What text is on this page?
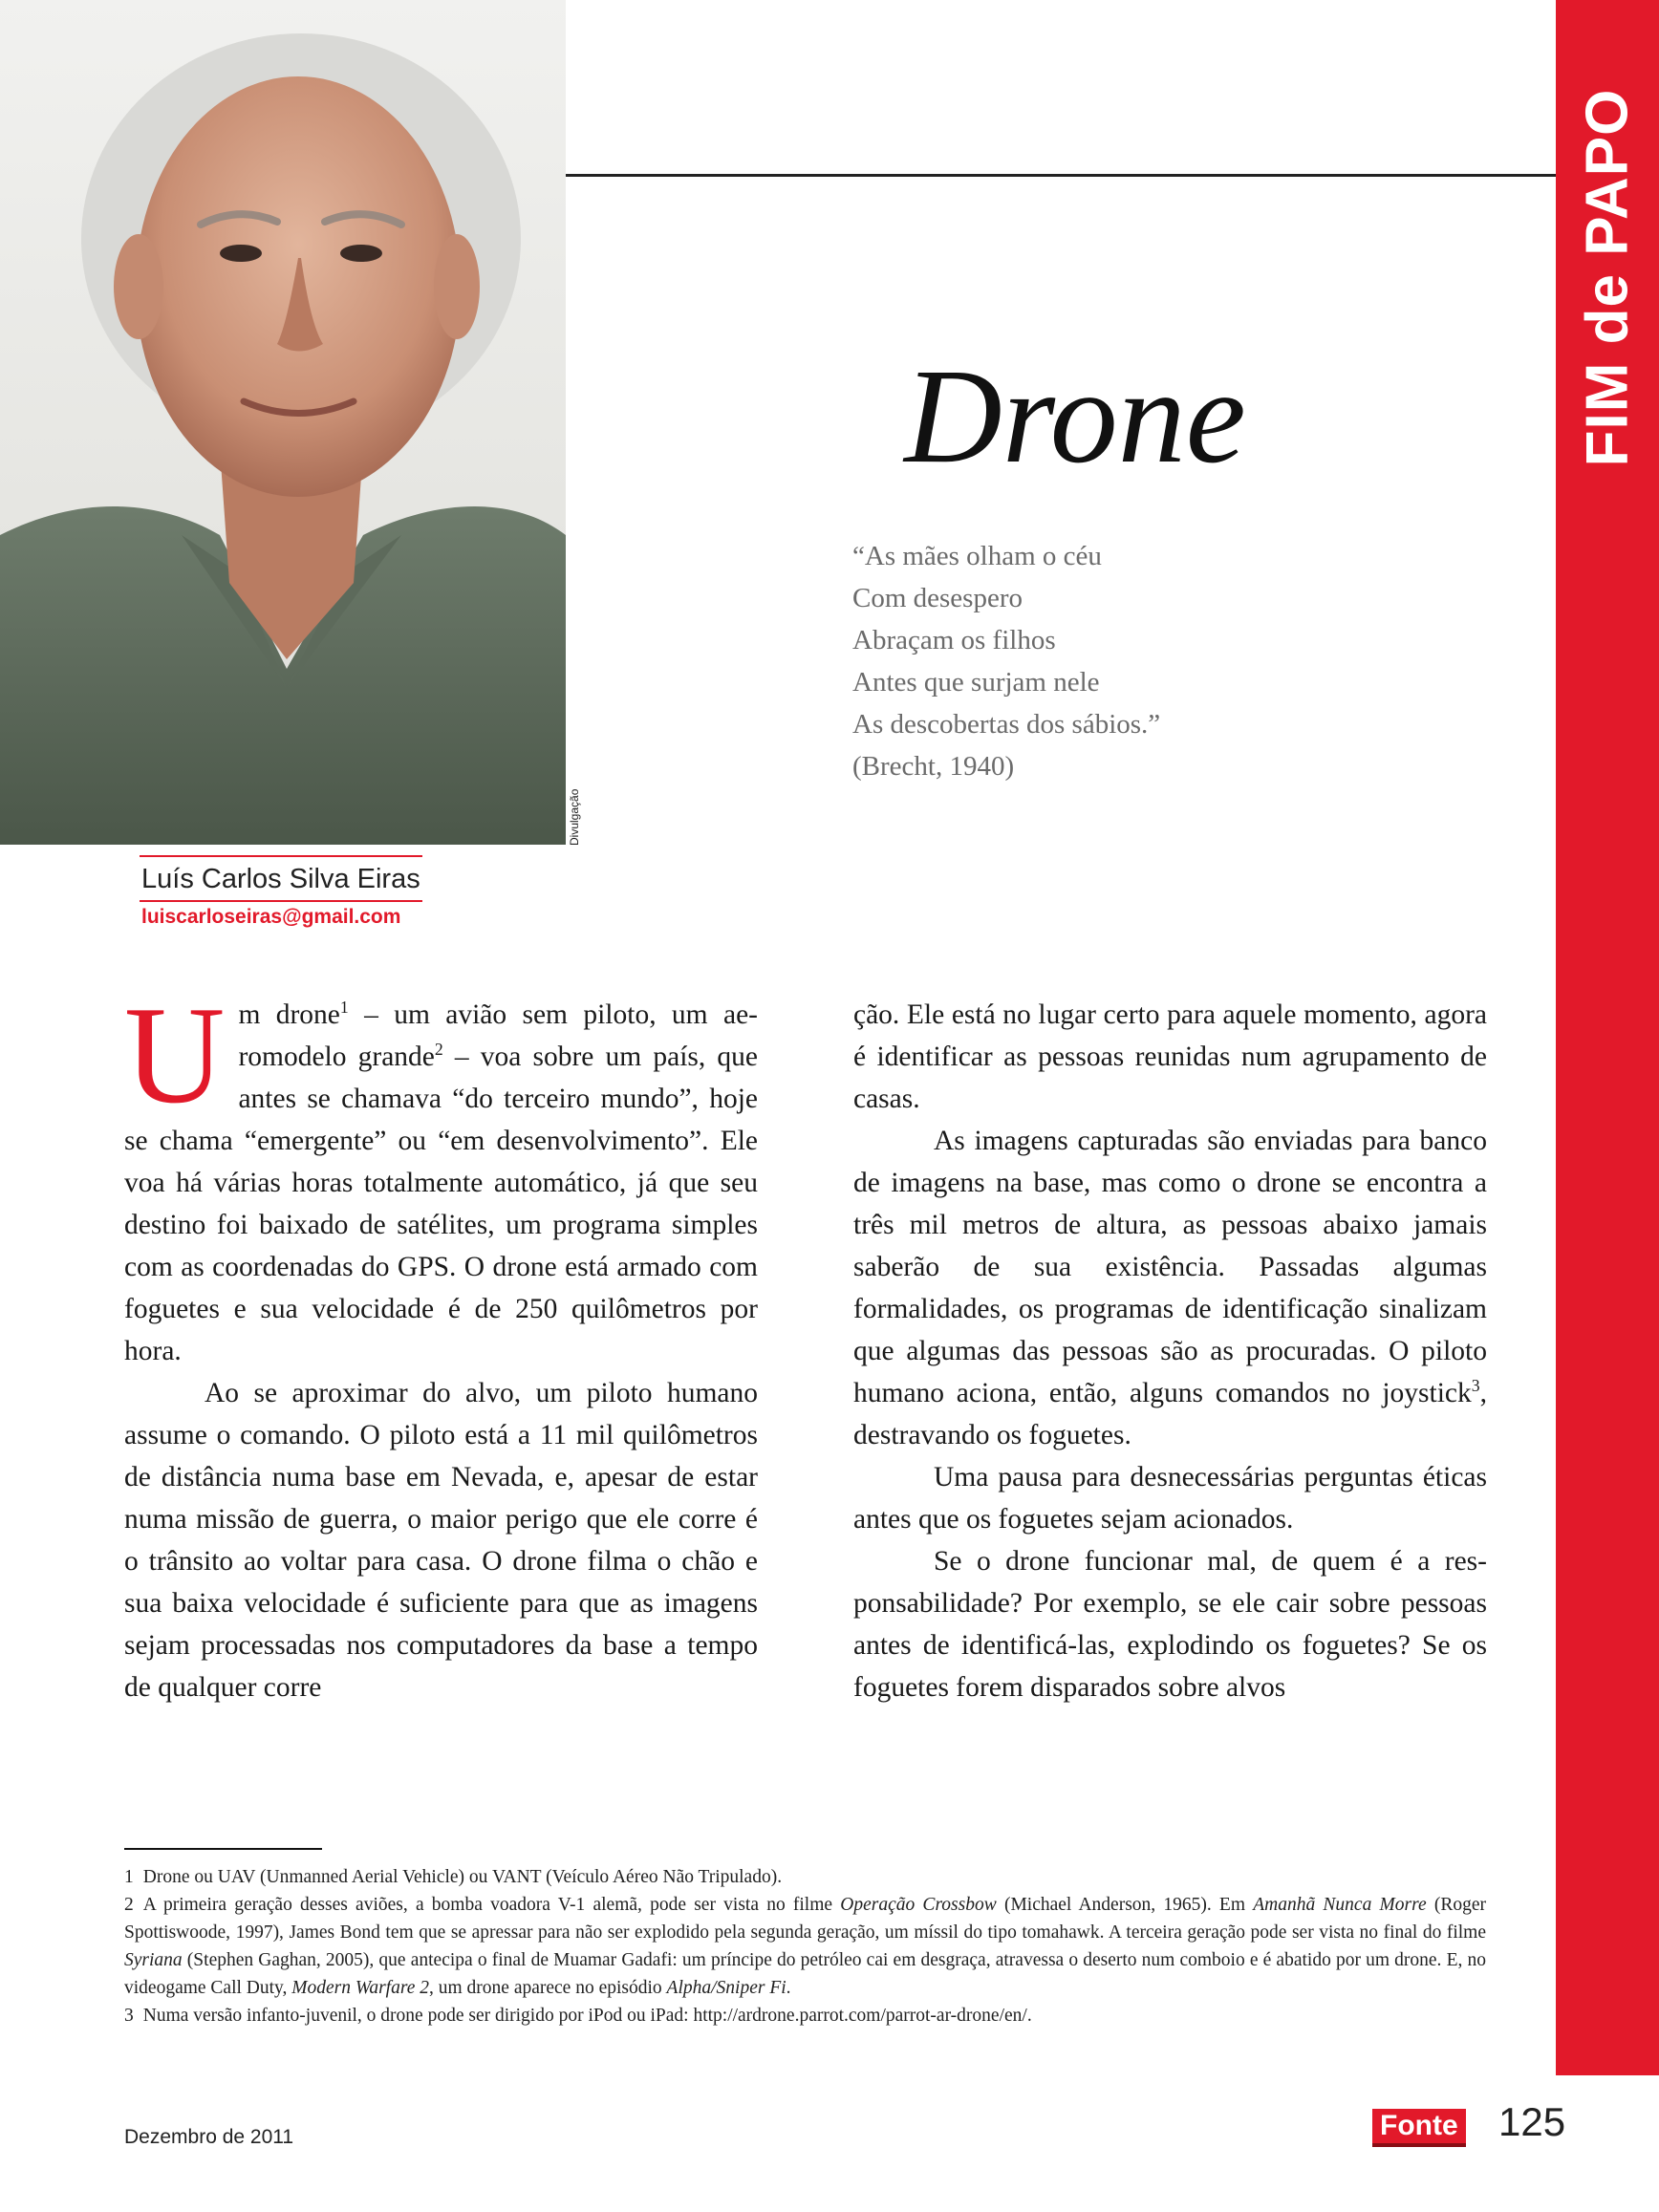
Divulgação
FIM de PAPO
Drone
“As mães olham o céu
Com desespero
Abraçam os filhos
Antes que surjam nele
As descobertas dos sábios.”
(Brecht, 1940)
Luís Carlos Silva Eiras
luiscarloseiras@gmail.com

Um drone$^1$ – um avião sem piloto, um aeromodelo grande$^2$ – voa sobre um país, que antes se chamava “do terceiro mundo”, hoje se chama “emergente” ou “em desenvolvimento”. Ele voa há várias horas totalmente automático, já que seu destino foi baixado de satélites, um programa simples com as coordenadas do GPS. O drone está armado com foguetes e sua velocidade é de 250 quilômetros por hora.

Ao se aproximar do alvo, um piloto humano assume o comando. O piloto está a 11 mil quilômetros de distância numa base em Nevada, e, apesar de estar numa missão de guerra, o maior perigo que ele corre é o trânsito ao voltar para casa. O drone filma o chão e sua baixa velocidade é suficiente para que as imagens sejam processadas nos computadores da base a tempo de qualquer corre

ção. Ele está no lugar certo para aquele momento, agora é identificar as pessoas reunidas num agrupamento de casas.

As imagens capturadas são enviadas para banco de imagens na base, mas como o drone se encontra a três mil metros de altura, as pessoas abaixo jamais saberão de sua existência. Passadas algumas formalidades, os programas de identificação sinalizam que algumas das pessoas são as procuradas. O piloto humano aciona, então, alguns comandos no joystick$^3$, destravando os foguetes.

Uma pausa para desnecessárias perguntas éticas antes que os foguetes sejam acionados.

Se o drone funcionar mal, de quem é a responsabilidade? Por exemplo, se ele cair sobre pessoas antes de identificá-las, explodindo os foguetes? Se os foguetes forem disparados sobre alvos

1 Drone ou UAV (Unmanned Aerial Vehicle) ou VANT (Veículo Aéreo Não Tripulado).

2 A primeira geração desses aviões, a bomba voadora V-1 alemã, pode ser vista no filme Operação Crossbow (Michael Anderson, 1965). Em Amanhã Nunca Morre (Roger Spottiswoode, 1997), James Bond tem que se apressar para não ser explodido pela segunda geração, um míssil do tipo tomahawk. A terceira geração pode ser vista no final do filme Syriana (Stephen Gaghan, 2005), que antecipa o final de Muamar Gadafi: um príncipe do petróleo cai em desgraça, atravessa o deserto num comboio e é abatido por um drone. E, no videogame Call Duty, Modern Warfare 2, um drone aparece no episódio Alpha/Sniper Fi.

3 Numa versão infanto-juvenil, o drone pode ser dirigido por iPod ou iPad: http://ardrone.parrot.com/parrot-ar-drone/en/.

Dezembro de 2011	Fonte 125
